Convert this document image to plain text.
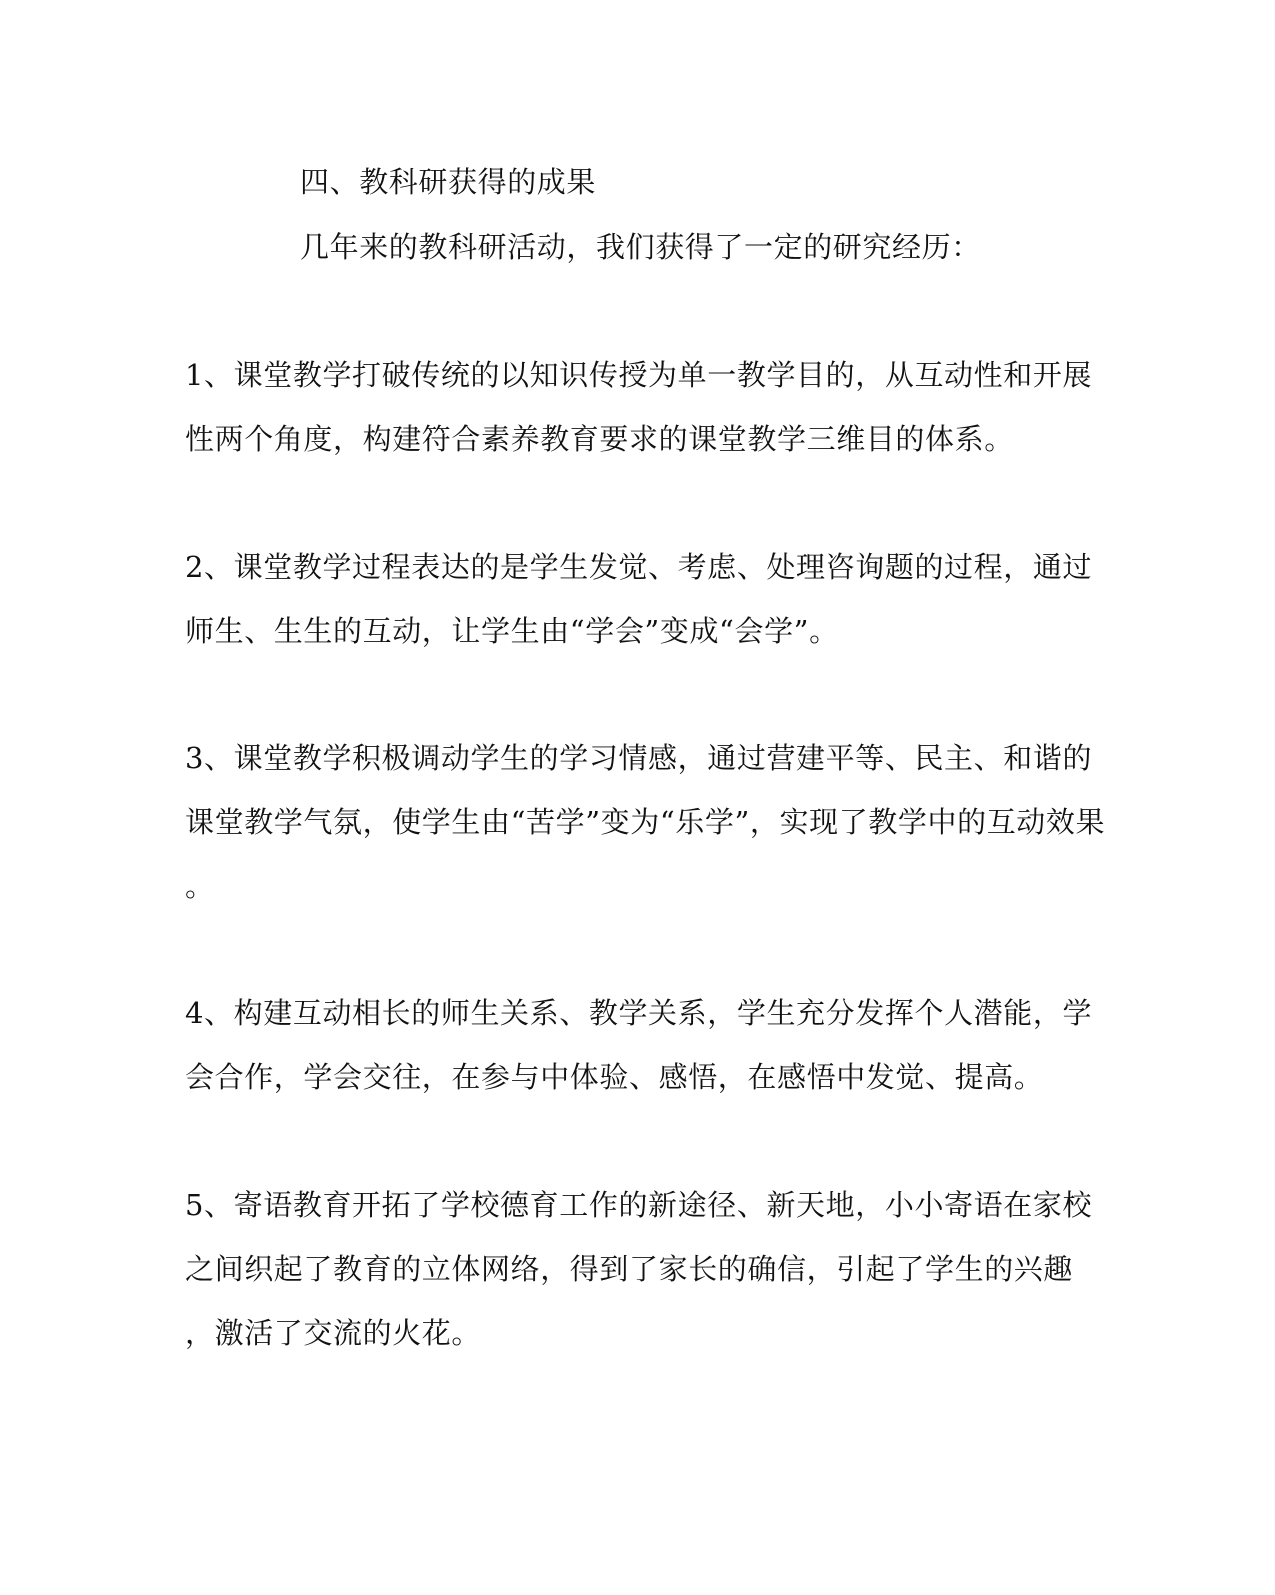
四、教科研获得的成果
几年来的教科研活动，我们获得了一定的研究经历：
1、课堂教学打破传统的以知识传授为单一教学目的，从互动性和开展
性两个角度，构建符合素养教育要求的课堂教学三维目的体系。
2、课堂教学过程表达的是学生发觉、考虑、处理咨询题的过程，通过
师生、生生的互动，让学生由“学会”变成“会学”。
3、课堂教学积极调动学生的学习情感，通过营建平等、民主、和谐的
课堂教学气氛，使学生由“苦学”变为“乐学”，实现了教学中的互动效果
。
4、构建互动相长的师生关系、教学关系，学生充分发挥个人潜能，学
会合作，学会交往，在参与中体验、感悟，在感悟中发觉、提高。
5、寄语教育开拓了学校德育工作的新途径、新天地，小小寄语在家校
之间织起了教育的立体网络，得到了家长的确信，引起了学生的兴趣
，激活了交流的火花。
